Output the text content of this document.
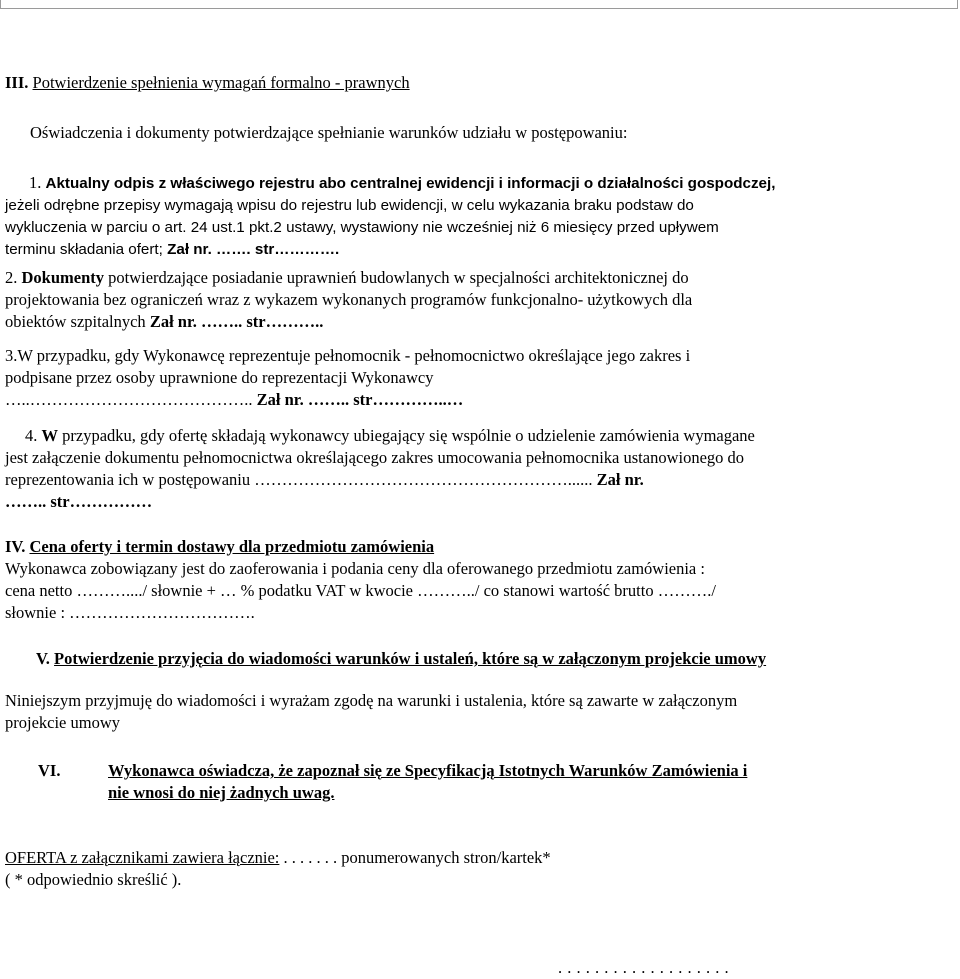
III. Potwierdzenie spełnienia wymagań formalno - prawnych
Oświadczenia i dokumenty potwierdzające spełnianie warunków udziału w postępowaniu:
1. Aktualny odpis z właściwego rejestru abo centralnej ewidencji i informacji o działalności gospodczej,
jeżeli odrębne przepisy wymagają wpisu do rejestru lub ewidencji, w celu wykazania braku podstaw do
wykluczenia w parciu o art. 24 ust.1 pkt.2 ustawy, wystawiony nie wcześniej niż 6 miesięcy przed upływem
terminu składania ofert; Zał nr. ……. str………….
2. Dokumenty potwierdzające posiadanie uprawnień budowlanych w specjalności architektonicznej do
projektowania bez ograniczeń wraz z wykazem wykonanych programów funkcjonalno- użytkowych dla
obiektów szpitalnych Zał nr. …….. str………..
3.W przypadku, gdy Wykonawcę reprezentuje pełnomocnik - pełnomocnictwo określające jego zakres i
podpisane przez osoby uprawnione do reprezentacji Wykonawcy
…..………………………………….. Zał nr. …….. str…………..…
4. W przypadku, gdy ofertę składają wykonawcy ubiegający się wspólnie o udzielenie zamówienia wymagane
jest załączenie dokumentu pełnomocnictwa określającego zakres umocowania pełnomocnika ustanowionego do
reprezentowania ich w postępowaniu …………………………………………………...... Zał nr.
…….. str……………
IV. Cena oferty i termin dostawy dla przedmiotu zamówienia
Wykonawca zobowiązany jest do zaoferowania i podania ceny dla oferowanego przedmiotu zamówienia :
cena netto ………..../ słownie + … % podatku VAT w kwocie ………../ co stanowi wartość brutto ………./
słownie : …………………………….
V. Potwierdzenie przyjęcia do wiadomości warunków i ustaleń, które są w załączonym projekcie umowy
Niniejszym przyjmuję do wiadomości i wyrażam zgodę na warunki i ustalenia, które są zawarte w załączonym
projekcie umowy
VI.	Wykonawca oświadcza, że zapoznał się ze Specyfikacją Istotnych Warunków Zamówienia i
nie wnosi do niej żadnych uwag.
OFERTA z załącznikami zawiera łącznie: . . . . . . . ponumerowanych stron/kartek*
( * odpowiednio skreślić ).
. . . . . . . . . . . . . . . . . . .
